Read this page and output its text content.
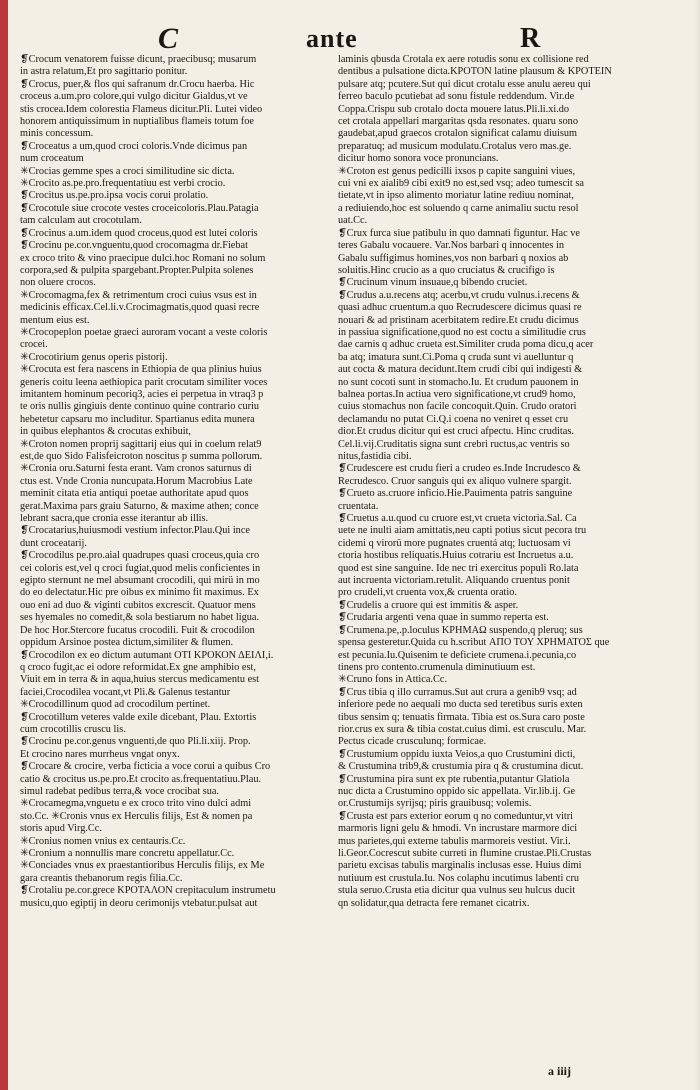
C	ante	R
❡Crocum venatorem fuisse dicunt, praecibusq; musarum
in astra relatum,Et pro sagittario ponitur.
❡Crocus, puer,& flos qui safranum dr.Crocu haerba. Hic
croceus a.um.pro colore,qui vulgo dicitur Gialdus,vt ve
stis crocea.Idem colorestia Flameus dicitur.Pli. Lutei video
honorem antiquissimum in nuptialibus flameis totum foe
minis concessum.
❡Croceatus a um,quod croci coloris.Vnde dicimus pan
num croceatum
✳Crocias gemme spes a croci similitudine sic dicta.
✳Crocito as.pe.pro.frequentatiuu est verbi crocio.
❡Crocitus us.pe.pro.ipsa vocis corui prolatio.
❡Crocotule siue crocote vestes croceicoloris.Plau.Patagia
tam calculam aut crocotulam.
❡Crocinus a.um.idem quod croceus,quod est lutei coloris
❡Crocinu pe.cor.vnguentu,quod crocomagma dr.Fiebat
ex croco trito & vino praecipue dulci.hoc Romani no solum
corpora,sed & pulpita spargebant.Propter.Pulpita solenes
non oluere crocos.
✳Crocomagma,fex & retrimentum croci cuius vsus est in
medicinis efficax.Cel.li.v.Crocimagmatis,quod quasi recre
mentum eius est.
✳Crocopeplon poetae graeci auroram vocant a veste coloris
crocei.
✳Crocotirium genus operis pistorij.
✳Crocuta est fera nascens in Ethiopia de qua plinius huius
generis coitu leena aethiopica parit crocutam similiter voces
imitantem hominum pecoriq3, acies ei perpetua in vtraq3 p
te oris nullis gingiuis dente continuo quine contrario curiu
hebetetur capsaru mo includitur. Spartianus edita munera
in quibus elephantos & crocutas exhibuit,
✳Croton nomen proprij sagittarij eius qui in coelum relat9
est,de quo Sido Falisfeicroton noscitus p summa pollorum.
✳Cronia oru.Saturni festa erant. Vam cronos saturnus di
ctus est. Vnde Cronia nuncupata.Horum Macrobius Late
meminit citata etia antiqui poetae authoritate apud quos
gerat.Maxima pars graiu Saturno, & maxime athen; conce
lebrant sacra,que cronia esse iterantur ab illis.
❡Crocatarius,huiusmodi vestium infector.Plau.Qui ince
dunt croceatarij.
❡Crocodilus pe.pro.aial quadrupes quasi croceus,quia cro
cei coloris est,vel q croci fugiat,quod melis conficientes in
egipto sternunt ne mel absumant crocodili, qui mirü in mo
do eo delectatur.Hic pre oibus ex minimo fit maximus. Ex
ouo eni ad duo & viginti cubitos excrescit. Quatuor mens
ses hyemales no comedit,& sola bestiarum no habet ligua.
De hoc Hor.Stercore fucatus crocodili. Fuit & crocodilon
oppidum Arsinoe postea dictum,similiter & flumen.
❡Crocodilon ex eo dictum autumant ΟΤΙ ΚΡΟΚΟΝ ΔΕΙΛΙ,i.
q croco fugit,ac ei odore reformidat.Ex gne amphibio est,
Viuit em in terra & in aqua,huius stercus medicamentu est
faciei,Crocodilea vocant,vt Pli.& Galenus testantur
✳Crocodillinum quod ad crocodilum pertinet.
❡Crocotillum veteres valde exile dicebant, Plau. Extortis
cum crocotillis cruscu lis.
❡Crocinu pe.cor.genus vnguenti,de quo Pli.li.xiij. Prop.
Et crocino nares murrheus vngat onyx.
❡Crocare & crocire, verba ficticia a voce corui a quibus Cro
catio & crocitus us.pe.pro.Et crocito as.frequentatiuu.Plau.
simul radebat pedibus terra,& voce crocibat sua.
✳Crocamegma,vnguetu e ex croco trito vino dulci admi
sto.Cc. ✳Cronis vnus ex Herculis filijs, Est & nomen pa
storis apud Virg.Cc.
✳Cronius nomen vnius ex centauris.Cc.
✳Cronium a nonnullis mare concretu appellatur.Cc.
✳Conciades vnus ex praestantioribus Herculis filijs, ex Me
gara creantis thebanorum regis filia.Cc.
❡Crotaliu pe.cor.grece ΚΡΟΤΑΛΟΝ crepitaculum instrumetu
musicu,quo egiptij in deoru cerimonijs vtebatur.pulsat aut
laminis qbusda Crotala ex aere rotudis sonu ex collisione red
dentibus a pulsatione dicta.ΚΡΟΤΟΝ latine plausum & ΚΡΟΤΕΙΝ
pulsare atq; pcutere.Sut qui dicut crotalu esse anulu aereu qui
ferreo baculo pcutiebat ad sonu fistule reddendum. Vir.de
Coppa.Crispu sub crotalo docta mouere latus.Pli.li.xi.do
cet crotala appellari margaritas qsda resonates. quaru sono
gaudebat,apud graecos crotalon significat calamu diuisum
preparatuq; ad musicum modulatu.Crotalus vero mas.ge.
dicitur homo sonora voce pronuncians.
✳Croton est genus pedicilli ixsos p capite sanguini viues,
cui vni ex aialib9 cibi exit9 no est,sed vsq; adeo tumescit sa
tietate,vt in ipso alimento moriatur latine rediuu nominat,
a rediuiendo,hoc est soluendo q carne animaliu suctu resol
uat.Cc.
❡Crux furca siue patibulu in quo damnati figuntur. Hac ve
teres Gabalu vocauere. Var.Nos barbari q innocentes in
Gabalu suffigimus homines,vos non barbari q noxios ab
soluitis.Hinc crucio as a quo cruciatus & crucifigo is
❡Crucinum vinum insuaue,q bibendo cruciet.
❡Crudus a.u.recens atq; acerbu,vt crudu vulnus.i.recens &
quasi adhuc cruentum.a quo Recrudescere dicimus quasi re
nouari & ad pristinam acerbitatem redire.Et crudu dicimus
in passiua significatione,quod no est coctu a similitudie crus
dae carnis q adhuc crueta est.Similiter cruda poma dicu,q acer
ba atq; imatura sunt.Ci.Poma q cruda sunt vi auelluntur q
aut cocta & matura decidunt.Item crudi cibi qui indigesti &
no sunt cocoti sunt in stomacho.Iu. Et crudum pauonem in
balnea portas.In actiua vero significatione,vt crud9 homo,
cuius stomachus non facile concoquit.Quin. Crudo oratori
declamandu no putat Ci.Q.i coena no veniret q esset cru
dior.Et crudus dicitur qui est cruci afpectu. Hinc cruditas.
Cel.li.vij.Cruditatis signa sunt crebri ructus,ac ventris so
nitus,fastidia cibi.
❡Crudescere est crudu fieri a crudeo es.Inde Incrudesco &
Recrudesco. Cruor sanguis qui ex aliquo vulnere spargit.
❡Crueto as.cruore inficio.Hie.Pauimenta patris sanguine
cruentata.
❡Cruetus a.u.quod cu cruore est,vt crueta victoria.Sal. Ca
uete ne inulti aiam amittatis,neu capti potius sicut pecora tru
cidemi q virorü more pugnates cruentá atq; luctuosam vi
ctoria hostibus reliquatis.Huius cotrariu est Incruetus a.u.
quod est sine sanguine. Ide nec tri exercitus populi Ro.lata
aut incruenta victoriam.retulit. Aliquando cruentus ponit
pro crudeli,vt cruenta vox,& cruenta oratio.
❡Crudelis a cruore qui est immitis & asper.
❡Crudaria argenti vena quae in summo reperta est.
❡Crumena.pe,.p.loculus ΚΡΗΜΑΩ suspendo,q pleruq; sus
spensa gesteretur.Quida cu h.scribut ΑΠΟ ΤΟΥ ΧΡΗΜΑΤΟΣ que
est pecunia.Iu.Quisenim te deficiete crumena.i.pecunia,co
tinens pro contento.crumenula diminutiuum est.
✳Cruno fons in Attica.Cc.
❡Crus tibia q illo curramus.Sut aut crura a genib9 vsq; ad
inferiore pede no aequali mo ducta sed teretibus suris exten
tibus sensim q; tenuatis firmata. Tibia est os.Sura caro poste
rior.crus ex sura & tibia costat.cuius dimi. est crusculu. Mar.
Pectus cicade crusculunq; formicae.
❡Crustumium oppidu iuxta Veios,a quo Crustumini dicti,
& Crustumina trib9,& crustumia pira q & crustumina dicut.
❡Crustumina pira sunt ex pte rubentia,putantur Glatiola
nuc dicta a Crustumino oppido sic appellata. Vir.lib.ij. Ge
or.Crustumijs syrijsq; piris grauibusq; volemis.
❡Crusta est pars exterior eorum q no comeduntur,vt vitri
marmoris ligni gelu & hmodi. Vn incrustare marmore dici
mus parietes,qui externe tabulis marmoreis vestiut. Vir.i.
li.Geor.Cocrescut subite curreti in flumine crustae.Pli.Crustas
parietu excisas tabulis marginalis inclusas esse. Huius dimi
nutiuum est crustula.Iu. Nos colaphu incutimus labenti cru
stula seruo.Crusta etia dicitur qua vulnus seu hulcus ducit
qn solidatur,qua detracta fere remanet cicatrix.
a iiij
